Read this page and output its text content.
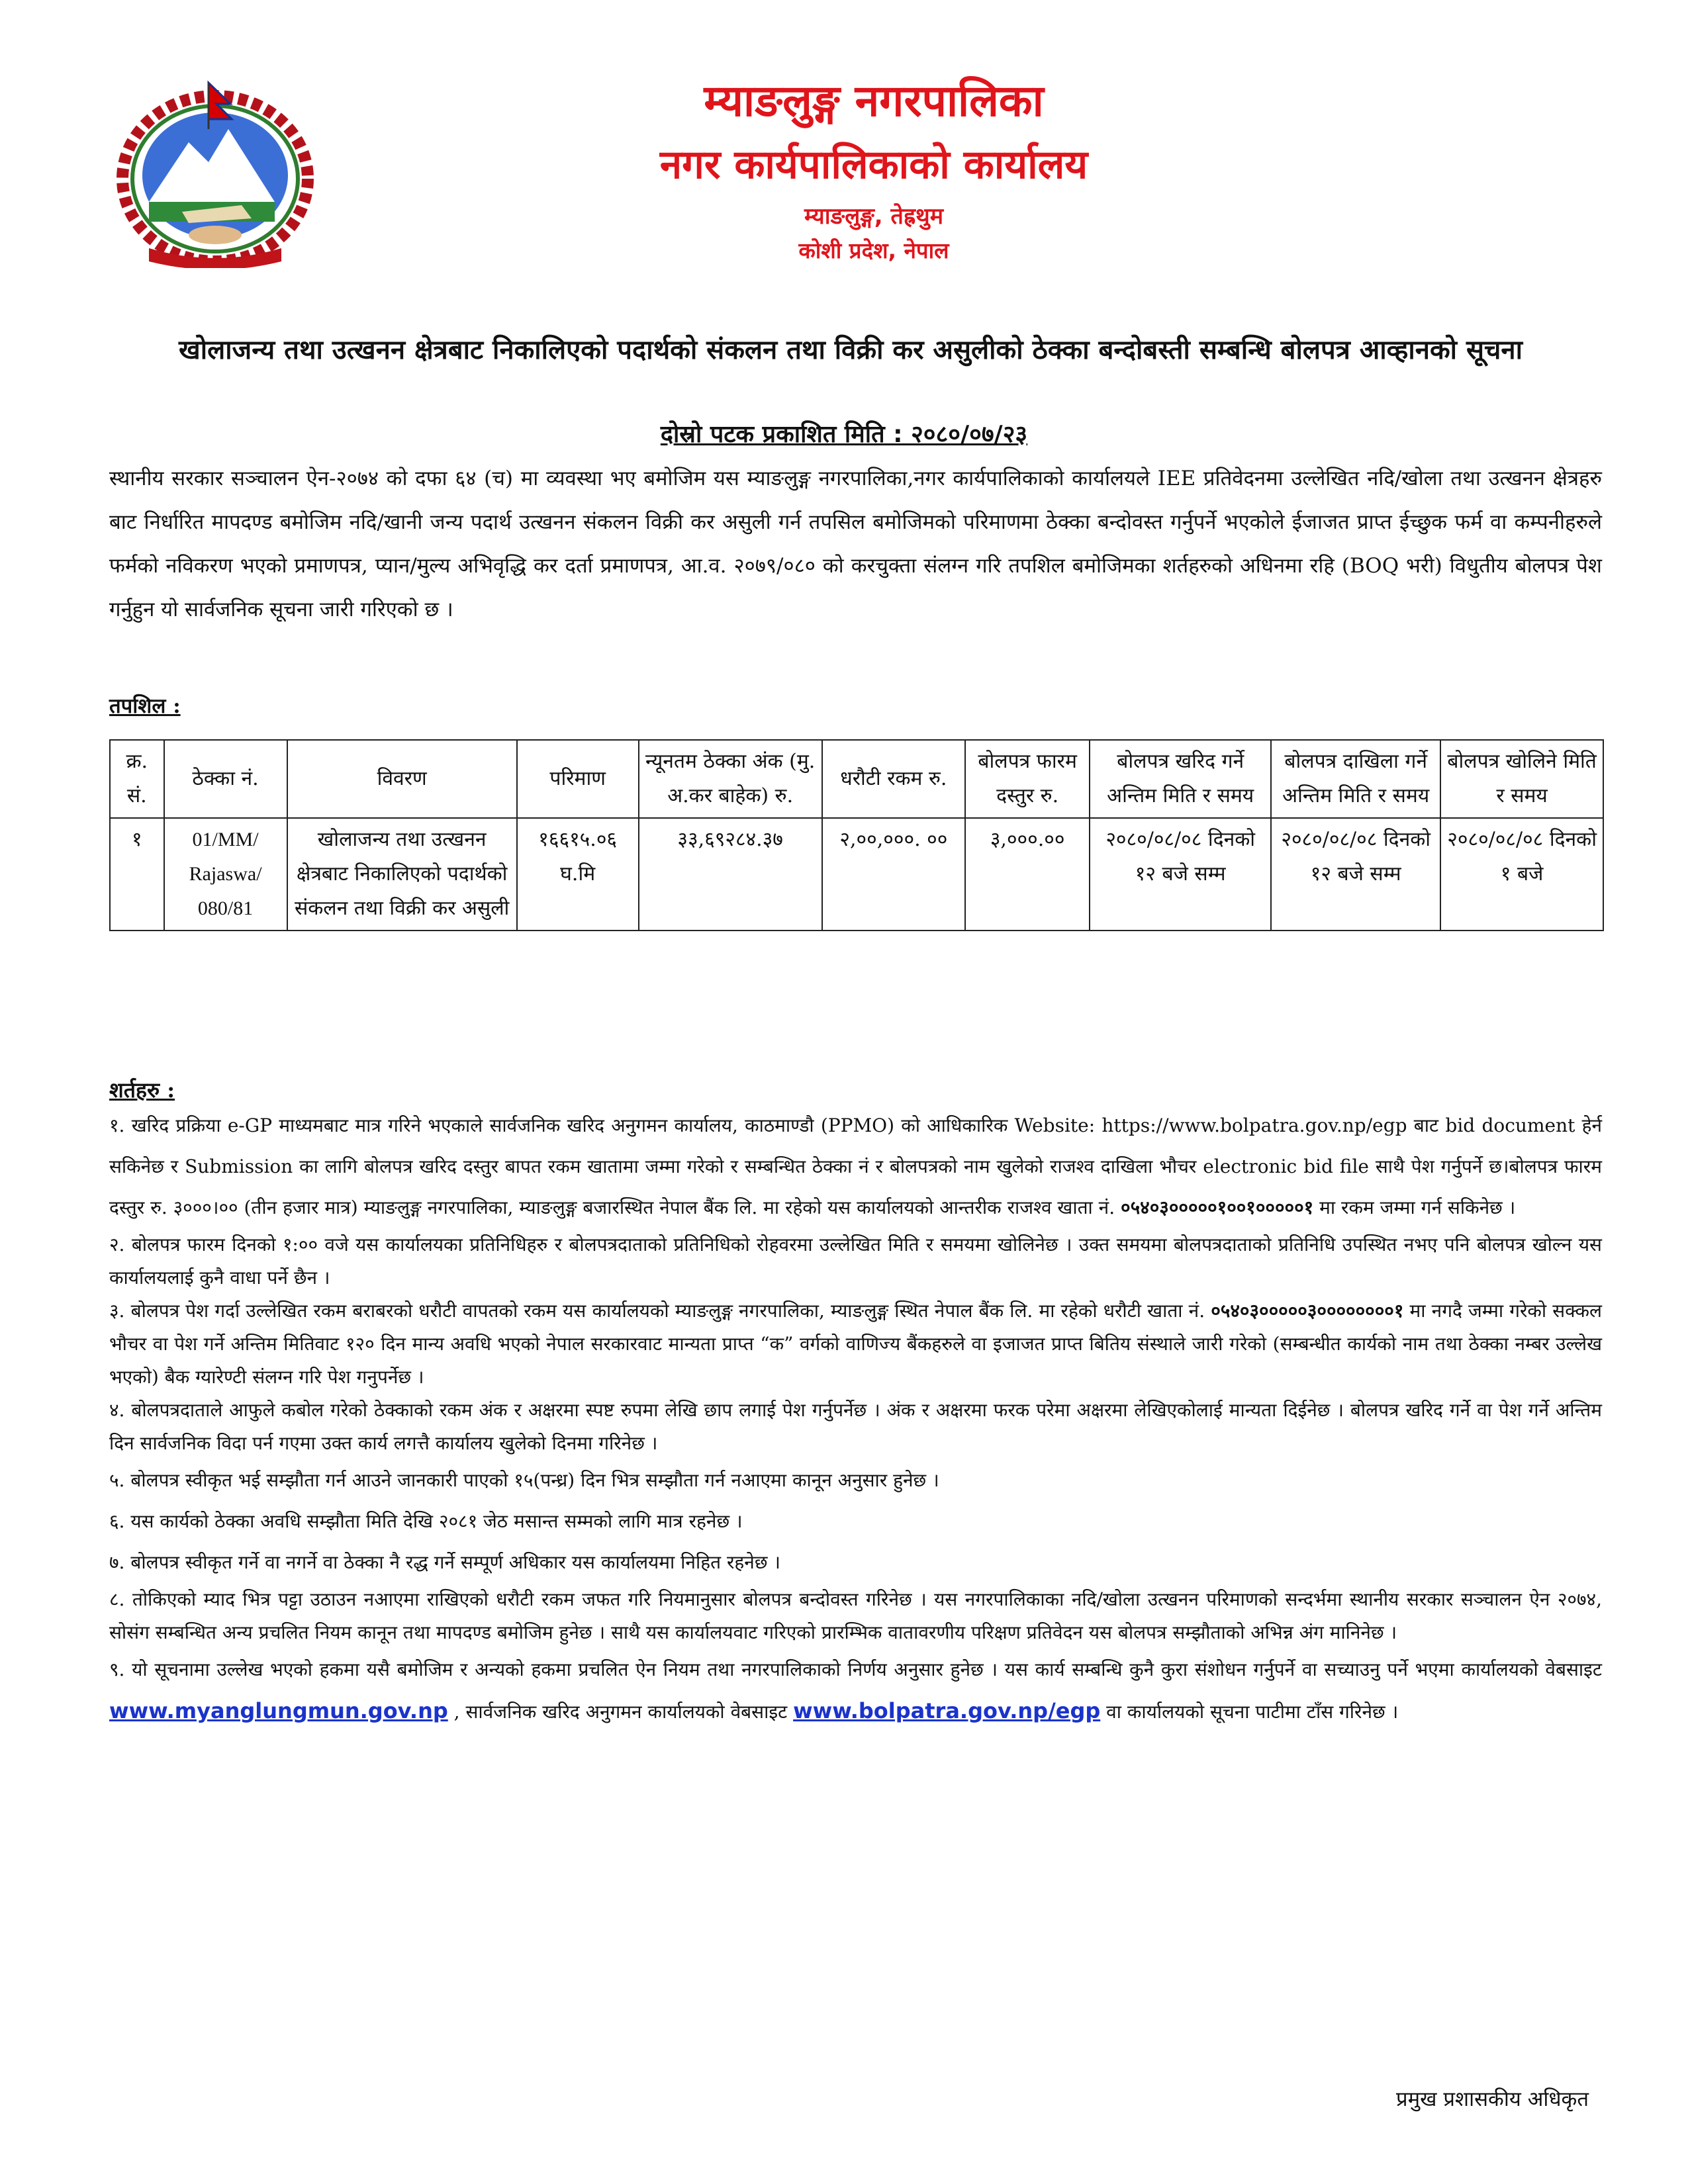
म्याङलुङ्ग नगरपालिका
नगर कार्यपालिकाको कार्यालय
म्याङलुङ्ग, तेह्रथुम
कोशी प्रदेश, नेपाल
खोलाजन्य तथा उत्खनन क्षेत्रबाट निकालिएको पदार्थको संकलन तथा विक्री कर असुलीको ठेक्का बन्दोबस्ती सम्बन्धि बोलपत्र आव्हानको सूचना
दोस्रो पटक प्रकाशित मिति : २०८०/०७/२३
स्थानीय सरकार सञ्चालन ऐन-२०७४ को दफा ६४ (च) मा व्यवस्था भए बमोजिम यस म्याङलुङ्ग नगरपालिका,नगर कार्यपालिकाको कार्यालयले IEE प्रतिवेदनमा उल्लेखित नदि/खोला तथा उत्खनन क्षेत्रहरु बाट निर्धारित मापदण्ड बमोजिम नदि/खानी जन्य पदार्थ उत्खनन संकलन विक्री कर असुली गर्न तपसिल बमोजिमको परिमाणमा ठेक्का बन्दोवस्त गर्नुपर्ने भएकोले ईजाजत प्राप्त ईच्छुक फर्म वा कम्पनीहरुले फर्मको नविकरण भएको प्रमाणपत्र, प्यान/मुल्य अभिवृद्धि कर दर्ता प्रमाणपत्र, आ.व. २०७९/०८० को करचुक्ता संलग्न गरि तपशिल बमोजिमका शर्तहरुको अधिनमा रहि (BOQ भरी) विधुतीय बोलपत्र पेश गर्नुहुन यो सार्वजनिक सूचना जारी गरिएको छ ।
तपशिल :
क्र. सं.	ठेक्का नं.	विवरण	परिमाण	न्यूनतम ठेक्का अंक (मु. अ.कर बाहेक) रु.	धरौटी रकम रु.	बोलपत्र फारम दस्तुर रु.	बोलपत्र खरिद गर्ने अन्तिम मिति र समय	बोलपत्र दाखिला गर्ने अन्तिम मिति र समय	बोलपत्र खोलिने मिति र समय
१	01/MM/ Rajaswa/ 080/81	खोलाजन्य तथा उत्खनन क्षेत्रबाट निकालिएको पदार्थको संकलन तथा विक्री कर असुली	१६६१५.०६ घ.मि	३३,६९२८४.३७	२,००,०००. ००	३,०००.००	२०८०/०८/०८ दिनको १२ बजे सम्म	२०८०/०८/०८ दिनको १२ बजे सम्म	२०८०/०८/०८ दिनको १ बजे
शर्तहरु :

१. खरिद प्रक्रिया e-GP माध्यमबाट मात्र गरिने भएकाले सार्वजनिक खरिद अनुगमन कार्यालय, काठमाण्डौ (PPMO) को आधिकारिक Website: https://www.bolpatra.gov.np/egp बाट bid document हेर्न सकिनेछ र Submission का लागि बोलपत्र खरिद दस्तुर बापत रकम खातामा जम्मा गरेको र सम्बन्धित ठेक्का नं र बोलपत्रको नाम खुलेको राजश्व दाखिला भौचर electronic bid file साथै पेश गर्नुपर्ने छ।बोलपत्र फारम दस्तुर रु. ३०००।०० (तीन हजार मात्र) म्याङलुङ्ग नगरपालिका, म्याङलुङ्ग बजारस्थित नेपाल बैंक लि. मा रहेको यस कार्यालयको आन्तरीक राजश्व खाता नं. ०५४०३०००००१००१०००००१ मा रकम जम्मा गर्न सकिनेछ ।

२. बोलपत्र फारम दिनको १:०० वजे यस कार्यालयका प्रतिनिधिहरु र बोलपत्रदाताको प्रतिनिधिको रोहवरमा उल्लेखित मिति र समयमा खोलिनेछ । उक्त समयमा बोलपत्रदाताको प्रतिनिधि उपस्थित नभए पनि बोलपत्र खोल्न यस कार्यालयलाई कुनै वाधा पर्ने छैन ।

३. बोलपत्र पेश गर्दा उल्लेखित रकम बराबरको धरौटी वापतको रकम यस कार्यालयको म्याङलुङ्ग नगरपालिका, म्याङलुङ्ग स्थित नेपाल बैंक लि. मा रहेको धरौटी खाता नं. ०५४०३०००००३००००००००१ मा नगदै जम्मा गरेको सक्कल भौचर वा पेश गर्ने अन्तिम मितिवाट १२० दिन मान्य अवधि भएको नेपाल सरकारवाट मान्यता प्राप्त “क” वर्गको वाणिज्य बैंकहरुले वा इजाजत प्राप्त बितिय संस्थाले जारी गरेको (सम्बन्धीत कार्यको नाम तथा ठेक्का नम्बर उल्लेख भएको) बैक ग्यारेण्टी संलग्न गरि पेश गनुपर्नेछ ।

४. बोलपत्रदाताले आफुले कबोल गरेको ठेक्काको रकम अंक र अक्षरमा स्पष्ट रुपमा लेखि छाप लगाई पेश गर्नुपर्नेछ । अंक र अक्षरमा फरक परेमा अक्षरमा लेखिएकोलाई मान्यता दिईनेछ । बोलपत्र खरिद गर्ने वा पेश गर्ने अन्तिम दिन सार्वजनिक विदा पर्न गएमा उक्त कार्य लगत्तै कार्यालय खुलेको दिनमा गरिनेछ ।

५. बोलपत्र स्वीकृत भई सम्झौता गर्न आउने जानकारी पाएको १५(पन्ध्र) दिन भित्र सम्झौता गर्न नआएमा कानून अनुसार हुनेछ ।

६. यस कार्यको ठेक्का अवधि सम्झौता मिति देखि २०८१ जेठ मसान्त सम्मको लागि मात्र रहनेछ ।

७. बोलपत्र स्वीकृत गर्ने वा नगर्ने वा ठेक्का नै रद्ध गर्ने सम्पूर्ण अधिकार यस कार्यालयमा निहित रहनेछ ।

८. तोकिएको म्याद भित्र पट्टा उठाउन नआएमा राखिएको धरौटी रकम जफत गरि नियमानुसार बोलपत्र बन्दोवस्त गरिनेछ । यस नगरपालिकाका नदि/खोला उत्खनन परिमाणको सन्दर्भमा स्थानीय सरकार सञ्चालन ऐन २०७४, सोसंग सम्बन्धित अन्य प्रचलित नियम कानून तथा मापदण्ड बमोजिम हुनेछ । साथै यस कार्यालयवाट गरिएको प्रारम्भिक वातावरणीय परिक्षण प्रतिवेदन यस बोलपत्र सम्झौताको अभिन्न अंग मानिनेछ ।

९. यो सूचनामा उल्लेख भएको हकमा यसै बमोजिम र अन्यको हकमा प्रचलित ऐन नियम तथा नगरपालिकाको निर्णय अनुसार हुनेछ । यस कार्य सम्बन्धि कुनै कुरा संशोधन गर्नुपर्ने वा सच्याउनु पर्ने भएमा कार्यालयको वेबसाइट www.myanglungmun.gov.np , सार्वजनिक खरिद अनुगमन कार्यालयको वेबसाइट www.bolpatra.gov.np/egp वा कार्यालयको सूचना पाटीमा टाँस गरिनेछ ।

प्रमुख प्रशासकीय अधिकृत
